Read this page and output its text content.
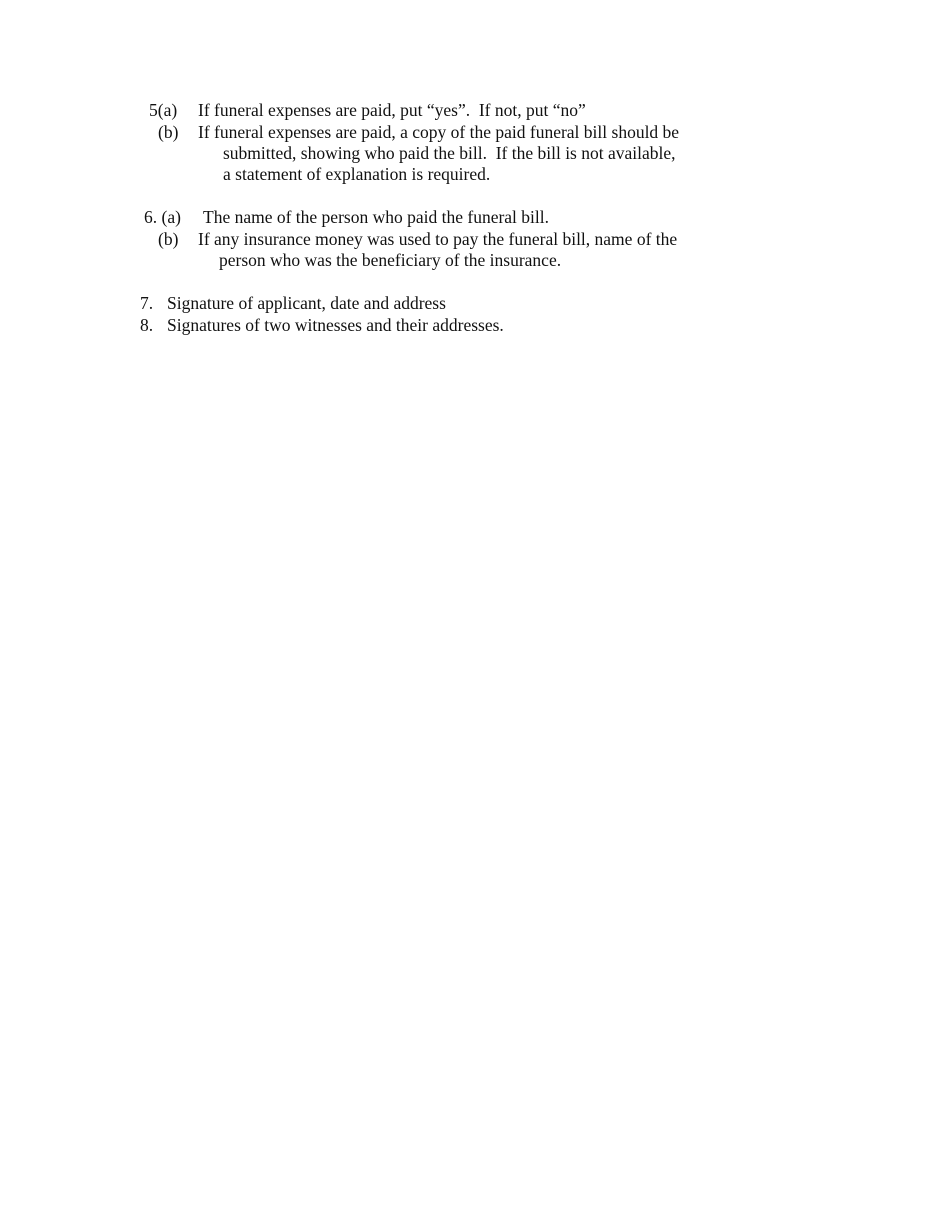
5(a) If funeral expenses are paid, put “yes”.  If not, put “no”
(b) If funeral expenses are paid, a copy of the paid funeral bill should be
submitted, showing who paid the bill.  If the bill is not available,
a statement of explanation is required.
6. (a) The name of the person who paid the funeral bill.
(b) If any insurance money was used to pay the funeral bill, name of the
person who was the beneficiary of the insurance.
7. Signature of applicant, date and address
8. Signatures of two witnesses and their addresses.
